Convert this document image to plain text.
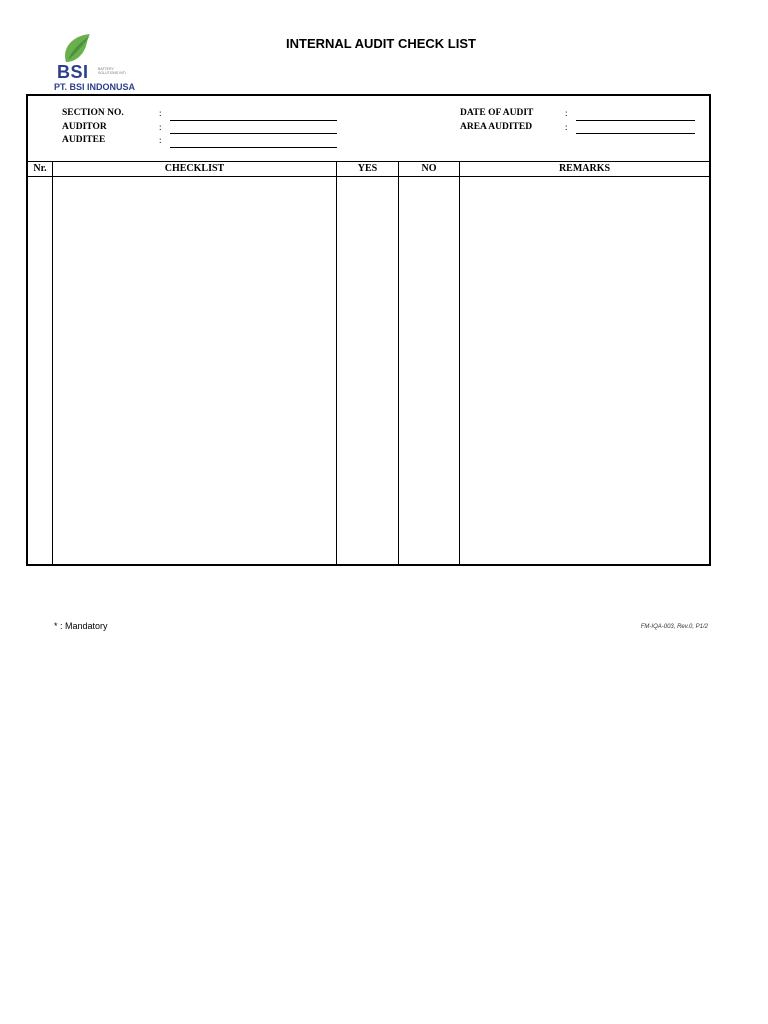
BSI	BATTERY SOLUTIONS INTI
PT. BSI INDONUSA
INTERNAL AUDIT CHECK LIST
SECTION NO.	:
AUDITOR	:
AUDITEE	:
DATE OF AUDIT	:
AREA AUDITED	:
Nr.	CHECKLIST	YES	NO	REMARKS
* : Mandatory	FM-IQA-003, Rev.0, P1/2
